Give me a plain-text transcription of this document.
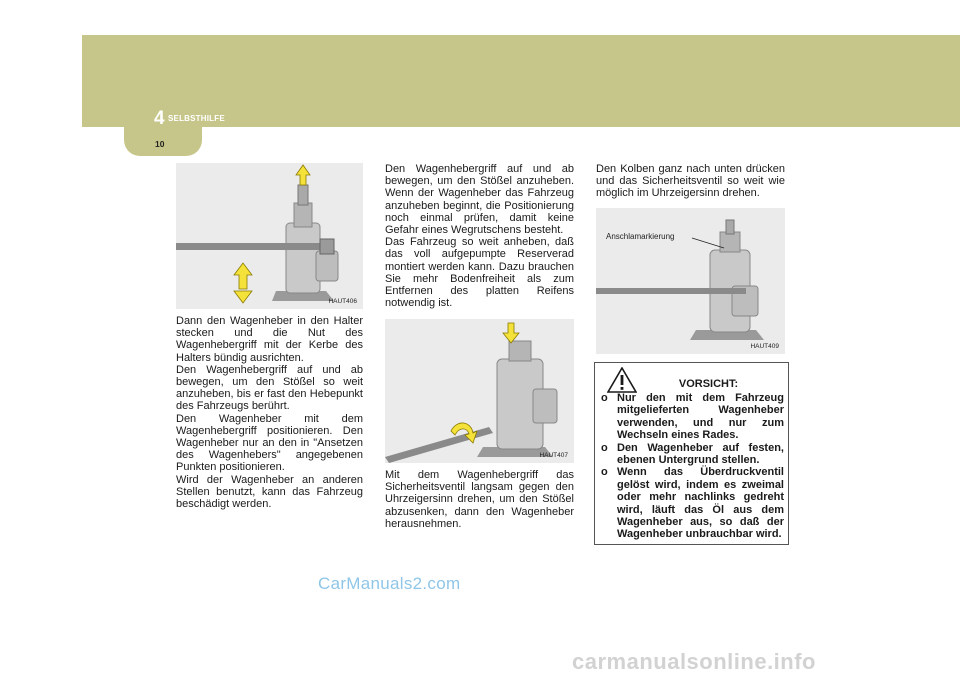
4 SELBSTHILFE
10
HAUT406

Dann den Wagenheber in den Halter stecken und die Nut des Wagenhebergriff mit der Kerbe des Halters bündig ausrichten.

Den Wagenhebergriff auf und ab bewegen, um den Stößel so weit anzuheben, bis er fast den Hebepunkt des Fahrzeugs berührt.

Den Wagenheber mit dem Wagenhebergriff positionieren. Den Wagenheber nur an den in "Ansetzen des Wagenhebers" angegebenen Punkten positionieren.

Wird der Wagenheber an anderen Stellen benutzt, kann das Fahrzeug beschädigt werden.

Den Wagenhebergriff auf und ab bewegen, um den Stößel anzuheben. Wenn der Wagenheber das Fahrzeug anzuheben beginnt, die Positionierung noch einmal prüfen, damit keine Gefahr eines Wegrutschens besteht.

Das Fahrzeug so weit anheben, daß das voll aufgepumpte Reserverad montiert werden kann. Dazu brauchen Sie mehr Bodenfreiheit als zum Entfernen des platten Reifens notwendig ist.

HAUT407

Mit dem Wagenhebergriff das Sicherheitsventil langsam gegen den Uhrzeigersinn drehen, um den Stößel abzusenken, dann den Wagenheber herausnehmen.

Den Kolben ganz nach unten drücken und das Sicherheitsventil so weit wie möglich im Uhrzeigersinn drehen.

Anschlamarkierung
HAUT409
VORSICHT:
o Nur den mit dem Fahrzeug mitgelieferten Wagenheber verwenden, und nur zum Wechseln eines Rades.
o Den Wagenheber auf festen, ebenen Untergrund stellen.
o Wenn das Überdruckventil gelöst wird, indem es zweimal oder mehr nachlinks gedreht wird, läuft das Öl aus dem Wagenheber aus, so daß der Wagenheber unbrauchbar wird.
CarManuals2.com
carmanualsonline.info
